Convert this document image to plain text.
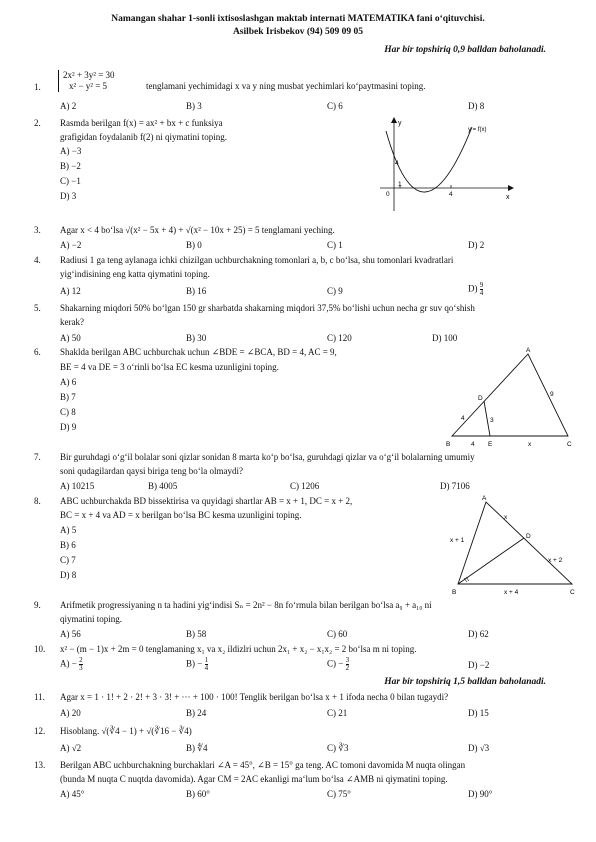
Namangan shahar 1-sonli ixtisoslashgan maktab internati MATEMATIKA fani o‘qituvchisi.
Asilbek Irisbekov (94) 509 09 05
Har bir topshiriq 0,9 balldan baholanadi.
1.
2x² + 3y² = 30
x² − y² = 5	tenglamani yechimidagi x va y ning musbat yechimlari ko‘paytmasini toping.
A) 2	B) 3	C) 6	D) 8
2. Rasmda berilgan f(x) = ax² + bx + c funksiya
grafigidan foydalanib f(2) ni qiymatini toping.
A) −3
B) −2
C) −1
D) 3
y
x
y = f(x)
0
1
4
4
3. Agar x < 4 bo‘lsa √(x² − 5x + 4) + √(x² − 10x + 25) = 5 tenglamani yeching.
A) −2	B) 0	C) 1	D) 2
4. Radiusi 1 ga teng aylanaga ichki chizilgan uchburchakning tomonlari a, b, c bo‘lsa, shu tomonlari kvadratlari
yig‘indisining eng katta qiymatini toping.
A) 12	B) 16	C) 9	$D) \frac{9}{4}$
5. Shakarning miqdori 50% bo‘lgan 150 gr sharbatda shakarning miqdori 37,5% bo‘lishi uchun necha gr suv qo‘shish
kerak?
A) 50	B) 30	C) 120	D) 100
6. Shaklda berilgan ABC uchburchak uchun ∠BDE = ∠BCA, BD = 4, AC = 9,
BE = 4 va DE = 3 o‘rinli bo‘lsa EC kesma uzunligini toping.
A) 6
B) 7
C) 8
D) 9
A
B	C
D
E
4	3
9
4	x
7. Bir guruhdagi o‘g‘il bolalar soni qizlar sonidan 8 marta ko‘p bo‘lsa, guruhdagi qizlar va o‘g‘il bolalarning umumiy
soni qudagilardan qaysi biriga teng bo‘la olmaydi?
A) 10215	B) 4005	C) 1206	D) 7106
8. ABC uchburchakda BD bissektirisa va quyidagi shartlar AB = x + 1, DC = x + 2,
BC = x + 4 va AD = x berilgan bo‘lsa BC kesma uzunligini toping.
A) 5
B) 6
C) 7
D) 8
A
B	C
D
x
x + 1
x + 2
x + 4
9. Arifmetik progressiyaning n ta hadini yig‘indisi Sₙ = 2n² − 8n fo‘rmula bilan berilgan bo‘lsa a₉ + a₁₀ ni
qiymatini toping.
A) 56	B) 58	C) 60	D) 62
10. x² − (m − 1)x + 2m = 0 tenglamaning x₁ va x₂ ildizlri uchun 2x₁ + x₂ − x₁x₂ = 2 bo‘lsa m ni toping.
$A) - \frac{2}{3}$	$B) - \frac{1}{4}$	$C) - \frac{3}{2}$	D) −2
Har bir topshiriq 1,5 balldan baholanadi.
11. Agar x = 1 · 1! + 2 · 2! + 3 · 3! + ··· + 100 · 100! Tenglik berilgan bo‘lsa x + 1 ifoda necha 0 bilan tugaydi?
A) 20	B) 24	C) 21	D) 15
12. Hisoblang. √(∛4 − 1) + √(∛16 − ∛4)
A) √2	B) ∜4	C) ∛3	D) √3
13. Berilgan ABC uchburchakning burchaklari ∠A = 45°, ∠B = 15° ga teng. AC tomoni davomida M nuqta olingan
(bunda M nuqta C nuqtda davomida). Agar CM = 2AC ekanligi ma‘lum bo‘lsa ∠AMB ni qiymatini toping.
A) 45°	B) 60°	C) 75°	D) 90°
